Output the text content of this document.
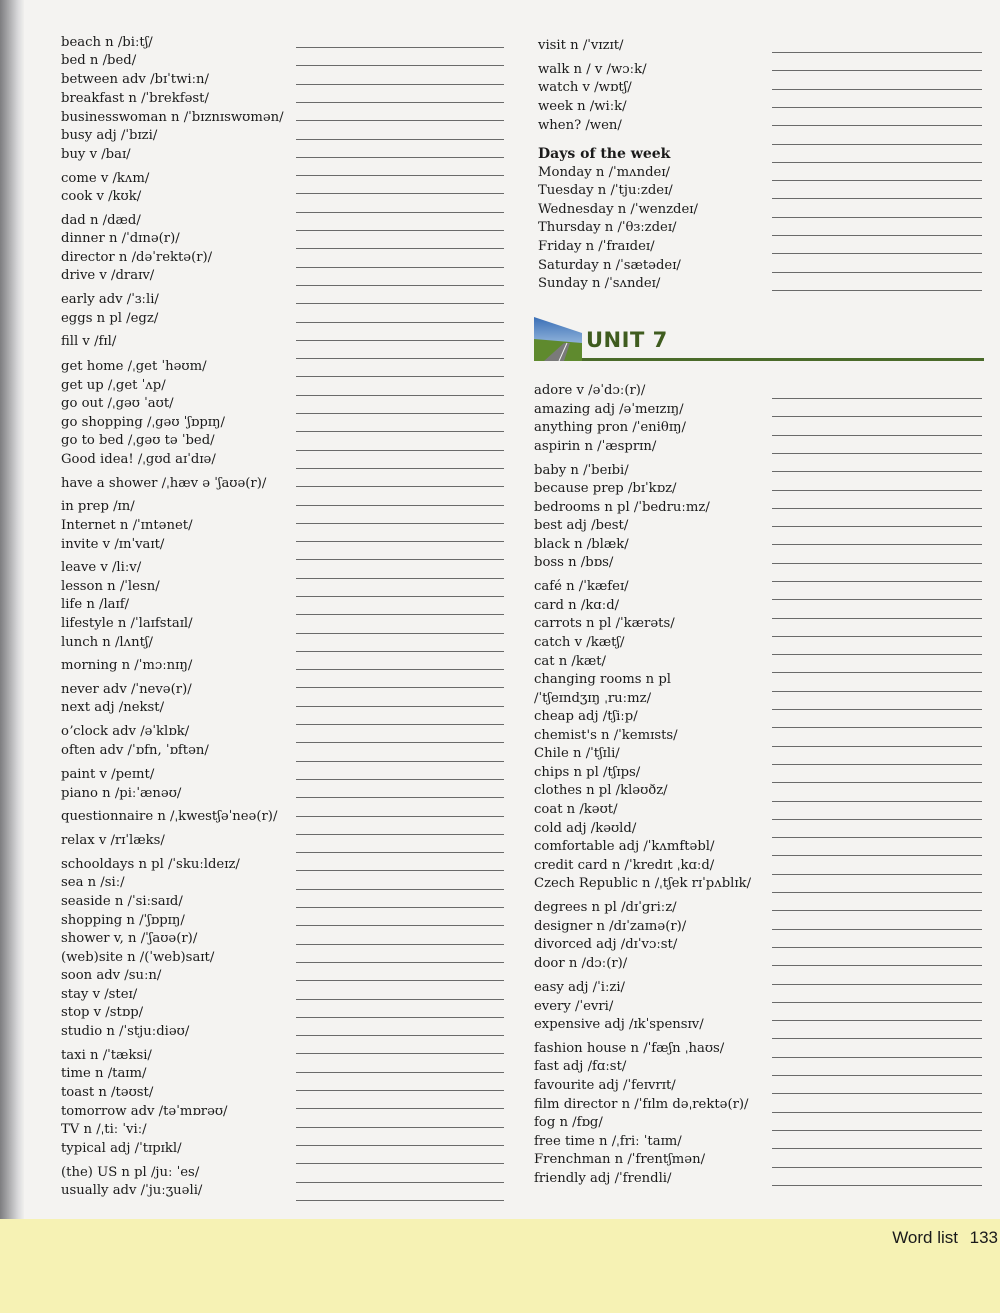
beach n /biːtʃ/
bed n /bed/
between adv /bɪˈtwiːn/
breakfast n /ˈbrekfəst/
businesswoman n /ˈbɪznɪswʊmən/
busy adj /ˈbɪzi/
buy v /baɪ/
come v /kʌm/
cook v /kʊk/
dad n /dæd/
dinner n /ˈdɪnə(r)/
director n /dəˈrektə(r)/
drive v /draɪv/
early adv /ˈɜːli/
eggs n pl /egz/
fill v /fɪl/
get home /ˌget ˈhəʊm/
get up /ˌget ˈʌp/
go out /ˌgəʊ ˈaʊt/
go shopping /ˌgəʊ ˈʃɒpɪŋ/
go to bed /ˌgəʊ tə ˈbed/
Good idea! /ˌgʊd aɪˈdɪə/
have a shower /ˌhæv ə ˈʃaʊə(r)/
in prep /ɪn/
Internet n /ˈɪntənet/
invite v /ɪnˈvaɪt/
leave v /liːv/
lesson n /ˈlesn/
life n /laɪf/
lifestyle n /ˈlaɪfstaɪl/
lunch n /lʌntʃ/
morning n /ˈmɔːnɪŋ/
never adv /ˈnevə(r)/
next adj /nekst/
oʼclock adv /əˈklɒk/
often adv /ˈɒfn, ˈɒftən/
paint v /peɪnt/
piano n /piːˈænəʊ/
questionnaire n /ˌkwestʃəˈneə(r)/
relax v /rɪˈlæks/
schooldays n pl /ˈskuːldeɪz/
sea n /siː/
seaside n /ˈsiːsaɪd/
shopping n /ˈʃɒpɪŋ/
shower v, n /ˈʃaʊə(r)/
(web)site n /(ˈweb)saɪt/
soon adv /suːn/
stay v /steɪ/
stop v /stɒp/
studio n /ˈstjuːdiəʊ/
taxi n /ˈtæksi/
time n /taɪm/
toast n /təʊst/
tomorrow adv /təˈmɒrəʊ/
TV n /ˌtiː ˈviː/
typical adj /ˈtɪpɪkl/
(the) US n pl /juː ˈes/
usually adv /ˈjuːʒuəli/
visit n /ˈvɪzɪt/
walk n / v /wɔːk/
watch v /wɒtʃ/
week n /wiːk/
when? /wen/
Monday n /ˈmʌndeɪ/
Tuesday n /ˈtjuːzdeɪ/
Wednesday n /ˈwenzdeɪ/
Thursday n /ˈθɜːzdeɪ/
Friday n /ˈfraɪdeɪ/
Saturday n /ˈsætədeɪ/
Sunday n /ˈsʌndeɪ/
adore v /əˈdɔː(r)/
amazing adj /əˈmeɪzɪŋ/
anything pron /ˈeniθɪŋ/
aspirin n /ˈæsprɪn/
baby n /ˈbeɪbi/
because prep /bɪˈkɒz/
bedrooms n pl /ˈbedruːmz/
best adj /best/
black n /blæk/
boss n /bɒs/
café n /ˈkæfeɪ/
card n /kɑːd/
carrots n pl /ˈkærəts/
catch v /kætʃ/
cat n /kæt/
changing rooms n pl
/ˈtʃeɪndʒɪŋ ˌruːmz/
cheap adj /tʃiːp/
chemist's n /ˈkemɪsts/
Chile n /ˈtʃɪli/
chips n pl /tʃɪps/
clothes n pl /kləʊðz/
coat n /kəʊt/
cold adj /kəʊld/
comfortable adj /ˈkʌmftəbl/
credit card n /ˈkredɪt ˌkɑːd/
Czech Republic n /ˌtʃek rɪˈpʌblɪk/
degrees n pl /dɪˈgriːz/
designer n /dɪˈzaɪnə(r)/
divorced adj /dɪˈvɔːst/
door n /dɔː(r)/
easy adj /ˈiːzi/
every /ˈevri/
expensive adj /ɪkˈspensɪv/
fashion house n /ˈfæʃn ˌhaʊs/
fast adj /fɑːst/
favourite adj /ˈfeɪvrɪt/
film director n /ˈfɪlm dəˌrektə(r)/
fog n /fɒg/
free time n /ˌfriː ˈtaɪm/
Frenchman n /ˈfrentʃmən/
friendly adj /ˈfrendli/
Days of the week
UNIT 7
Word list 133
